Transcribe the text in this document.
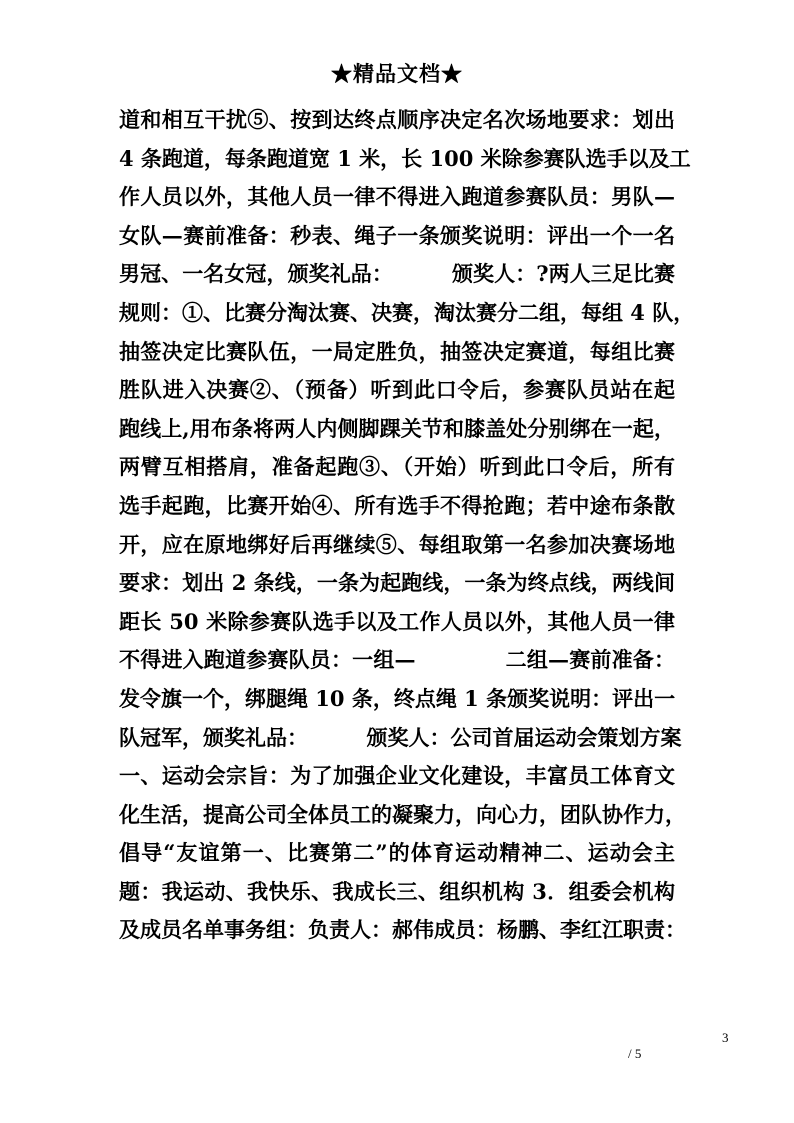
★精品文档★
道和相互干扰⑤、按到达终点顺序决定名次场地要求：划出
4 条跑道，每条跑道宽 1 米，长 100 米除参赛队选手以及工
作人员以外，其他人员一律不得进入跑道参赛队员：男队—
女队—赛前准备：秒表、绳子一条颁奖说明：评出一个一名
男冠、一名女冠，颁奖礼品：        颁奖人：?两人三足比赛
规则：①、比赛分淘汰赛、决赛，淘汰赛分二组，每组 4 队，
抽签决定比赛队伍，一局定胜负，抽签决定赛道，每组比赛
胜队进入决赛②、（预备）听到此口令后，参赛队员站在起
跑线上,用布条将两人内侧脚踝关节和膝盖处分别绑在一起，
两臂互相搭肩，准备起跑③、（开始）听到此口令后，所有
选手起跑，比赛开始④、所有选手不得抢跑；若中途布条散
开，应在原地绑好后再继续⑤、每组取第一名参加决赛场地
要求：划出 2 条线，一条为起跑线，一条为终点线，两线间
距长 50 米除参赛队选手以及工作人员以外，其他人员一律
不得进入跑道参赛队员：一组—            二组—赛前准备：
发令旗一个，绑腿绳 10 条，终点绳 1 条颁奖说明：评出一
队冠军，颁奖礼品：        颁奖人：公司首届运动会策划方案
一、运动会宗旨：为了加强企业文化建设，丰富员工体育文
化生活，提高公司全体员工的凝聚力，向心力，团队协作力，
倡导“友谊第一、比赛第二”的体育运动精神二、运动会主
题：我运动、我快乐、我成长三、组织机构 3．组委会机构
及成员名单事务组：负责人：郝伟成员：杨鹏、李红江职责：
3
/ 5
